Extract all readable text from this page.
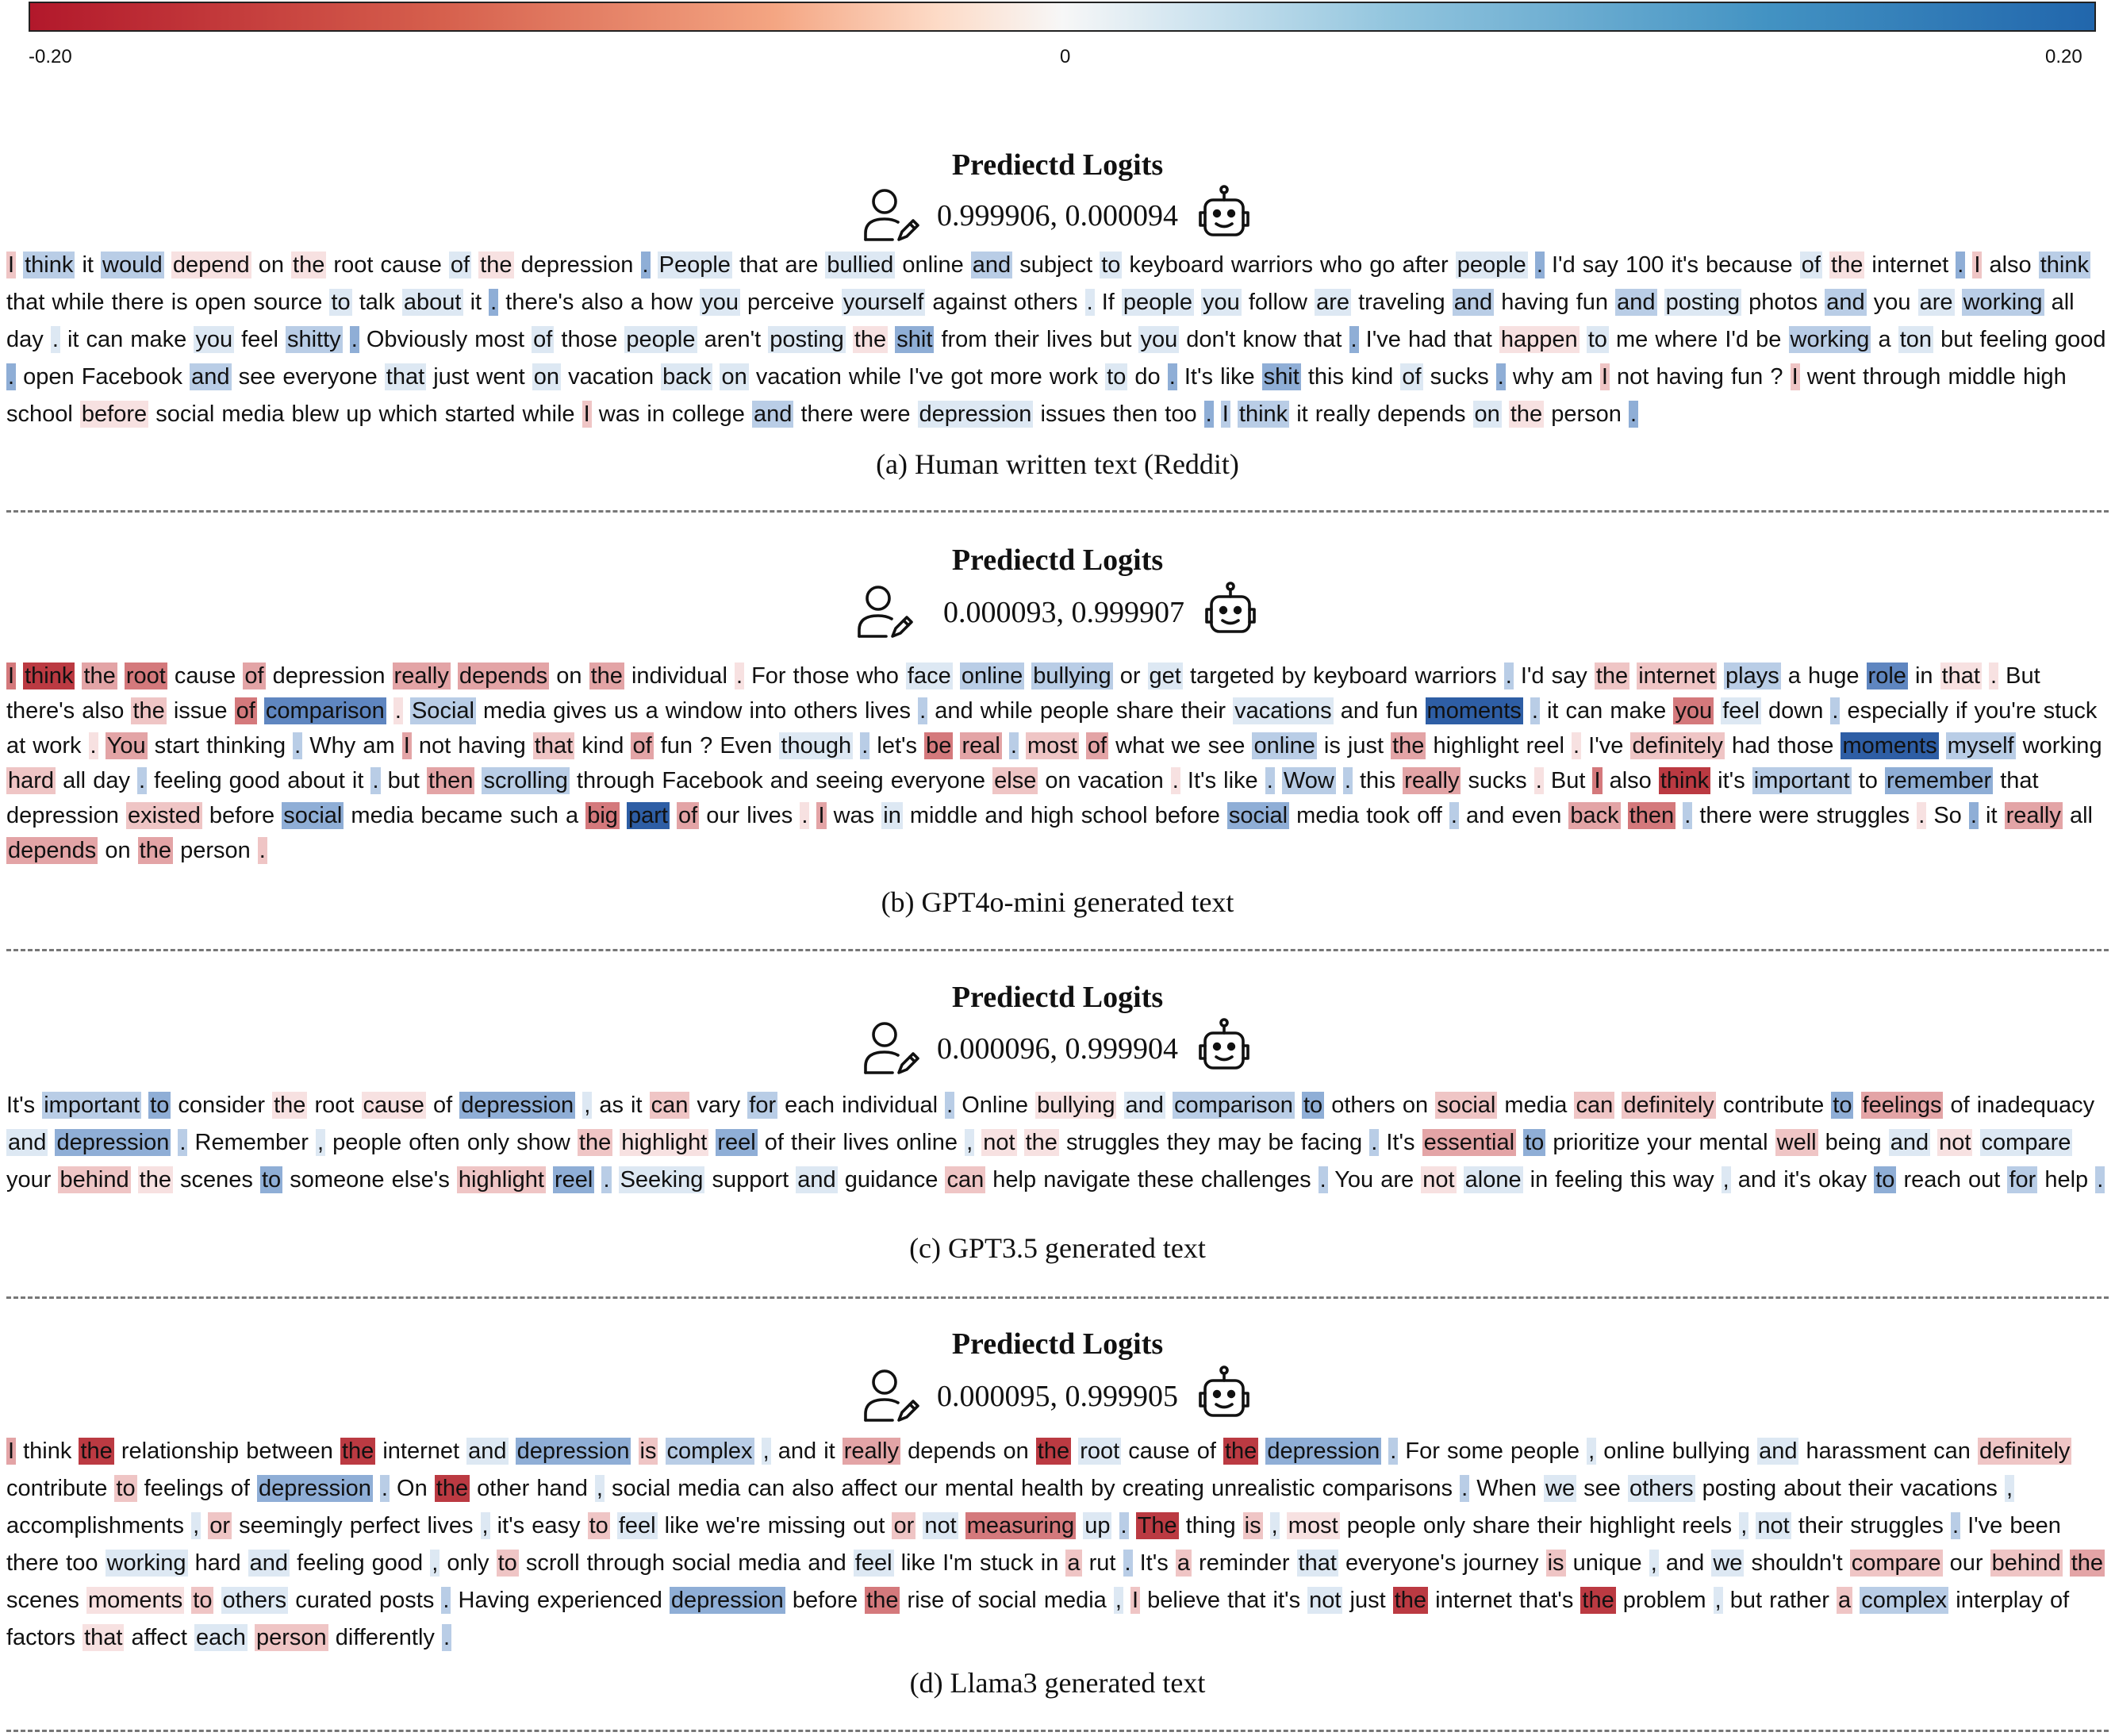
-0.20	0	0.20
Prediectd Logits
0.999906, 0.000094
I think it would depend on the root cause of the depression . People that are bullied online and subject to keyboard warriors who go after people . I'd say 100 it's because of the internet . I also think that while there is open source to talk about it . there's also a how you perceive yourself against others . If people you follow are traveling and having fun and posting photos and you are working all day . it can make you feel shitty . Obviously most of those people aren't posting the shit from their lives but you don't know that . I've had that happen to me where I'd be working a ton but feeling good . open Facebook and see everyone that just went on vacation back on vacation while I've got more work to do . It's like shit this kind of sucks . why am I not having fun ? I went through middle high school before social media blew up which started while I was in college and there were depression issues then too . I think it really depends on the person .
(a) Human written text (Reddit)
Prediectd Logits
0.000093, 0.999907
I think the root cause of depression really depends on the individual . For those who face online bullying or get targeted by keyboard warriors . I'd say the internet plays a huge role in that . But there's also the issue of comparison . Social media gives us a window into others lives . and while people share their vacations and fun moments . it can make you feel down . especially if you're stuck at work . You start thinking . Why am I not having that kind of fun ? Even though . let's be real . most of what we see online is just the highlight reel . I've definitely had those moments myself working hard all day . feeling good about it . but then scrolling through Facebook and seeing everyone else on vacation . It's like . Wow . this really sucks . But I also think it's important to remember that depression existed before social media became such a big part of our lives . I was in middle and high school before social media took off . and even back then . there were struggles . So . it really all depends on the person .
(b) GPT4o-mini generated text
Prediectd Logits
0.000096, 0.999904
It's important to consider the root cause of depression , as it can vary for each individual . Online bullying and comparison to others on social media can definitely contribute to feelings of inadequacy and depression . Remember , people often only show the highlight reel of their lives online , not the struggles they may be facing . It's essential to prioritize your mental well being and not compare your behind the scenes to someone else's highlight reel . Seeking support and guidance can help navigate these challenges . You are not alone in feeling this way , and it's okay to reach out for help .
(c) GPT3.5 generated text
Prediectd Logits
0.000095, 0.999905
I think the relationship between the internet and depression is complex , and it really depends on the root cause of the depression . For some people , online bullying and harassment can definitely contribute to feelings of depression . On the other hand , social media can also affect our mental health by creating unrealistic comparisons . When we see others posting about their vacations , accomplishments , or seemingly perfect lives , it's easy to feel like we're missing out or not measuring up . The thing is , most people only share their highlight reels , not their struggles . I've been there too working hard and feeling good , only to scroll through social media and feel like I'm stuck in a rut . It's a reminder that everyone's journey is unique , and we shouldn't compare our behind the scenes moments to others curated posts . Having experienced depression before the rise of social media , I believe that it's not just the internet that's the problem , but rather a complex interplay of factors that affect each person differently .
(d) Llama3 generated text
